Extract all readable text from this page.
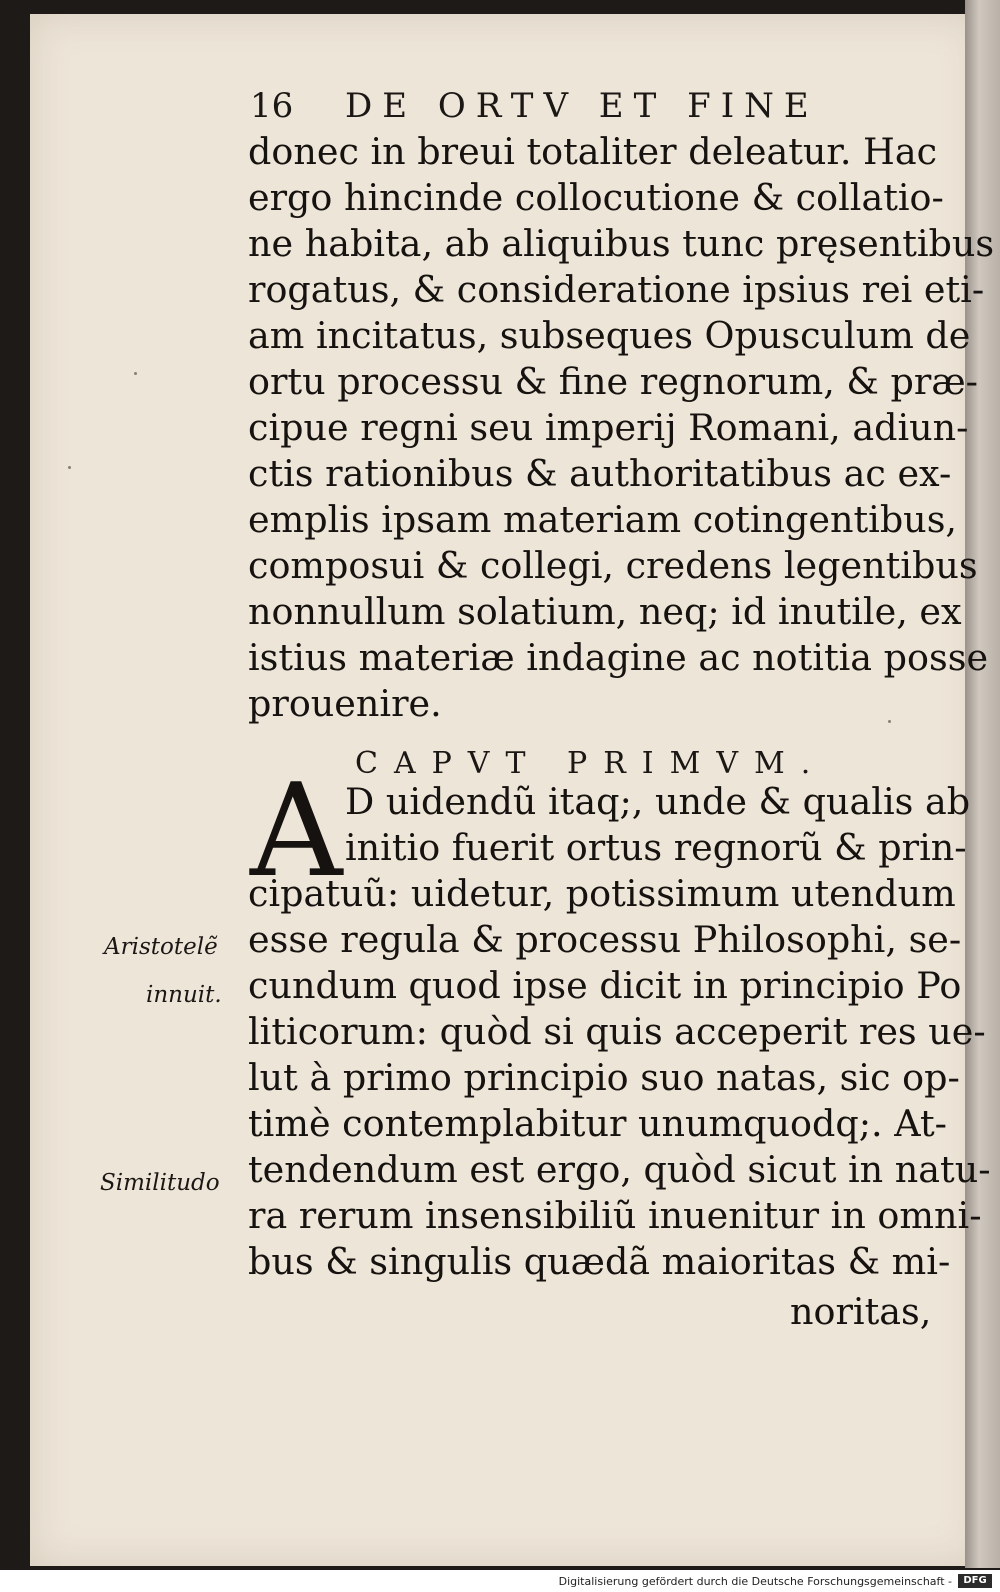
16 DE ORTV ET FINE
donec in breui totaliter deleatur. Hac
ergo hincinde collocutione & collatio-
ne habita, ab aliquibus tunc pręsentibus
rogatus, & consideratione ipsius rei eti-
am incitatus, subseques Opusculum de
ortu processu & fine regnorum, & præ-
cipue regni seu imperij Romani, adiun-
ctis rationibus & authoritatibus ac ex-
emplis ipsam materiam cotingentibus,
composui & collegi, credens legentibus
nonnullum solatium, neq; id inutile, ex
istius materiæ indagine ac notitia posse
prouenire.
CAPVT PRIMVM.
A D uidendũ itaq;, unde & qualis ab
initio fuerit ortus regnorũ & prin-
cipatuũ: uidetur, potissimum utendum
esse regula & processu Philosophi, se-
cundum quod ipse dicit in principio Po
liticorum: quòd si quis acceperit res ue-
lut à primo principio suo natas, sic op-
timè contemplabitur unumquodq;. At-
tendendum est ergo, quòd sicut in natu-
ra rerum insensibiliũ inuenitur in omni-
bus & singulis quædã maioritas & mi-
noritas,
Aristotelẽ
innuit.
Similitudo
Digitalisierung gefördert durch die Deutsche Forschungsgemeinschaft -	DFG
